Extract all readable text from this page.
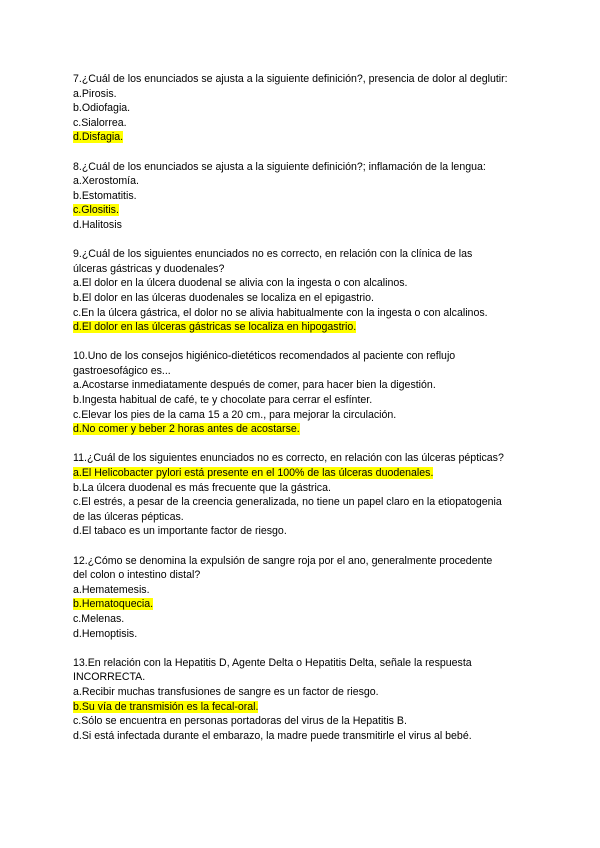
7.¿Cuál de los enunciados se ajusta a la siguiente definición?, presencia de dolor al deglutir:
a.Pirosis.
b.Odiofagia.
c.Sialorrea.
d.Disfagia.
8.¿Cuál de los enunciados se ajusta a la siguiente definición?; inflamación de la lengua:
a.Xerostomía.
b.Estomatitis.
c.Glositis.
d.Halitosis
9.¿Cuál de los siguientes enunciados no es correcto, en relación con la clínica de las
úlceras gástricas y duodenales?
a.El dolor en la úlcera duodenal se alivia con la ingesta o con alcalinos.
b.El dolor en las úlceras duodenales se localiza en el epigastrio.
c.En la úlcera gástrica, el dolor no se alivia habitualmente con la ingesta o con alcalinos.
d.El dolor en las úlceras gástricas se localiza en hipogastrio.
10.Uno de los consejos higiénico-dietéticos recomendados al paciente con reflujo
gastroesofágico es...
a.Acostarse inmediatamente después de comer, para hacer bien la digestión.
b.Ingesta habitual de café, te y chocolate para cerrar el esfínter.
c.Elevar los pies de la cama 15 a 20 cm., para mejorar la circulación.
d.No comer y beber 2 horas antes de acostarse.
11.¿Cuál de los siguientes enunciados no es correcto, en relación con las úlceras pépticas?
a.El Helicobacter pylori está presente en el 100% de las úlceras duodenales.
b.La úlcera duodenal es más frecuente que la gástrica.
c.El estrés, a pesar de la creencia generalizada, no tiene un papel claro en la etiopatogenia
de las úlceras pépticas.
d.El tabaco es un importante factor de riesgo.
12.¿Cómo se denomina la expulsión de sangre roja por el ano, generalmente procedente
del colon o intestino distal?
a.Hematemesis.
b.Hematoquecia.
c.Melenas.
d.Hemoptisis.
13.En relación con la Hepatitis D, Agente Delta o Hepatitis Delta, señale la respuesta
INCORRECTA.
a.Recibir muchas transfusiones de sangre es un factor de riesgo.
b.Su vía de transmisión es la fecal-oral.
c.Sólo se encuentra en personas portadoras del virus de la Hepatitis B.
d.Si está infectada durante el embarazo, la madre puede transmitirle el virus al bebé.
